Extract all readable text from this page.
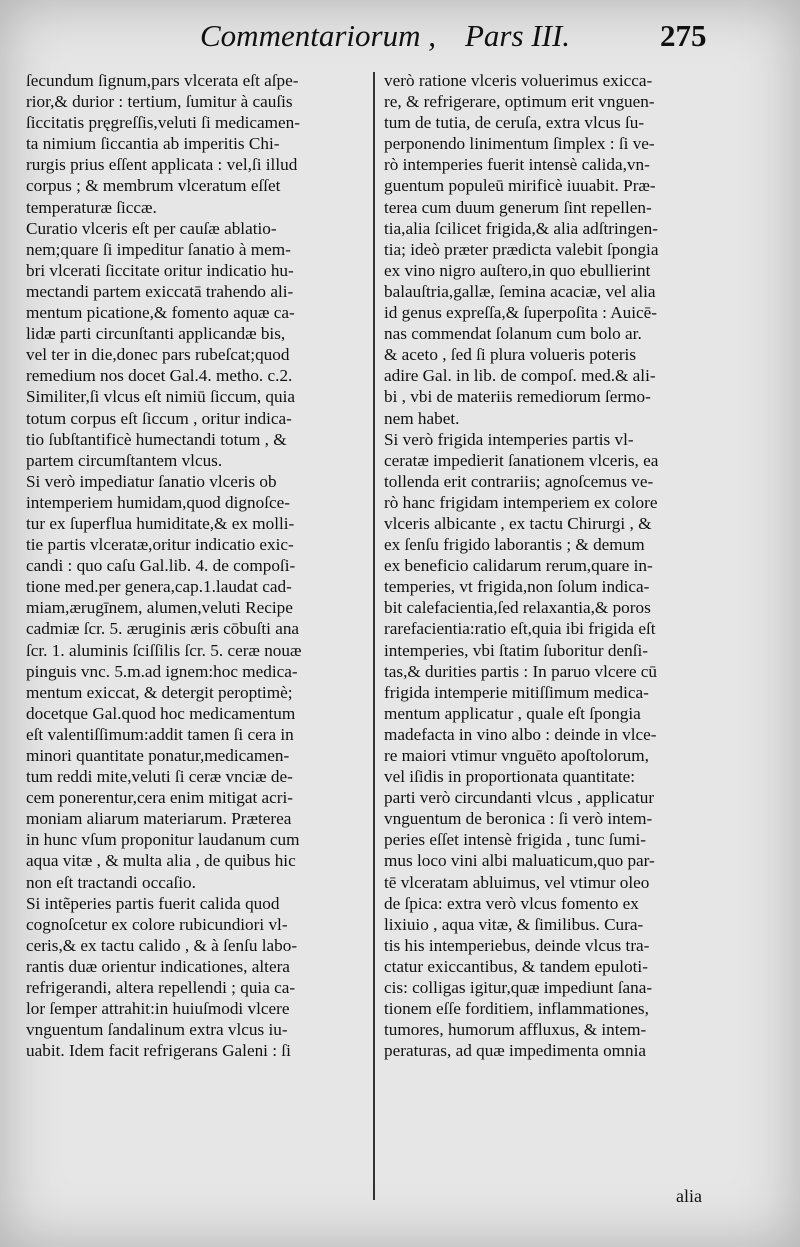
Commentariorum , Pars III.	275
ſecundum ſignum,pars vlcerata eſt aſpe-
rior,& durior : tertium, ſumitur à cauſis
ſiccitatis pręgreſſis,veluti ſi medicamen-
ta nimium ſiccantia ab imperitis Chi-
rurgis prius eſſent applicata : vel,ſi illud
corpus ; & membrum vlceratum eſſet
temperaturæ ſiccæ.
Curatio vlceris eſt per cauſæ ablatio-
nem;quare ſi impeditur ſanatio à mem-
bri vlcerati ſiccitate oritur indicatio hu-
mectandi partem exiccatā trahendo ali-
mentum picatione,& fomento aquæ ca-
lidæ parti circunſtanti applicandæ bis,
vel ter in die,donec pars rubeſcat;quod
remedium nos docet Gal.4. metho. c.2.
Similiter,ſi vlcus eſt nimiū ſiccum, quia
totum corpus eſt ſiccum , oritur indica-
tio ſubſtantificè humectandi totum , &
partem circumſtantem vlcus.
Si verò impediatur ſanatio vlceris ob
intemperiem humidam,quod dignoſce-
tur ex ſuperflua humiditate,& ex molli-
tie partis vlceratæ,oritur indicatio exic-
candi : quo caſu Gal.lib. 4. de compoſi-
tione med.per genera,cap.1.laudat cad-
miam,ærugīnem, alumen,veluti Recipe
cadmiæ ſcr. 5. æruginis æris cōbuſti ana
ſcr. 1. aluminis ſciſſilis ſcr. 5. ceræ nouæ
pinguis vnc. 5.m.ad ignem:hoc medica-
mentum exiccat, & detergit peroptimè;
docetque Gal.quod hoc medicamentum
eſt valentiſſimum:addit tamen ſi cera in
minori quantitate ponatur,medicamen-
tum reddi mite,veluti ſi ceræ vnciæ de-
cem ponerentur,cera enim mitigat acri-
moniam aliarum materiarum. Præterea
in hunc vſum proponitur laudanum cum
aqua vitæ , & multa alia , de quibus hic
non eſt tractandi occaſio.
Si intẽperies partis fuerit calida quod
cognoſcetur ex colore rubicundiori vl-
ceris,& ex tactu calido , & à ſenſu labo-
rantis duæ orientur indicationes, altera
refrigerandi, altera repellendi ; quia ca-
lor ſemper attrahit:in huiuſmodi vlcere
vnguentum ſandalinum extra vlcus iu-
uabit. Idem facit refrigerans Galeni : ſi
verò ratione vlceris voluerimus exicca-
re, & refrigerare, optimum erit vnguen-
tum de tutia, de ceruſa, extra vlcus ſu-
perponendo linimentum ſimplex : ſi ve-
rò intemperies fuerit intensè calida,vn-
guentum populeū mirificè iuuabit. Præ-
terea cum duum generum ſint repellen-
tia,alia ſcilicet frigida,& alia adſtringen-
tia; ideò præter prædicta valebit ſpongia
ex vino nigro auſtero,in quo ebullierint
balauſtria,gallæ, ſemina acaciæ, vel alia
id genus expreſſa,& ſuperpoſita : Auicē-
nas commendat ſolanum cum bolo ar.
& aceto , ſed ſi plura volueris poteris
adire Gal. in lib. de compoſ. med.& ali-
bi , vbi de materiis remediorum ſermo-
nem habet.
Si verò frigida intemperies partis vl-
ceratæ impedierit ſanationem vlceris, ea
tollenda erit contrariis; agnoſcemus ve-
rò hanc frigidam intemperiem ex colore
vlceris albicante , ex tactu Chirurgi , &
ex ſenſu frigido laborantis ; & demum
ex beneficio calidarum rerum,quare in-
temperies, vt frigida,non ſolum indica-
bit calefacientia,ſed relaxantia,& poros
rarefacientia:ratio eſt,quia ibi frigida eſt
intemperies, vbi ſtatim ſuboritur denſi-
tas,& durities partis : In paruo vlcere cū
frigida intemperie mitiſſimum medica-
mentum applicatur , quale eſt ſpongia
madefacta in vino albo : deinde in vlce-
re maiori vtimur vnguēto apoſtolorum,
vel iſidis in proportionata quantitate:
parti verò circundanti vlcus , applicatur
vnguentum de beronica : ſi verò intem-
peries eſſet intensè frigida , tunc ſumi-
mus loco vini albi maluaticum,quo par-
tē vlceratam abluimus, vel vtimur oleo
de ſpica: extra verò vlcus fomento ex
lixiuio , aqua vitæ, & ſimilibus. Cura-
tis his intemperiebus, deinde vlcus tra-
ctatur exiccantibus, & tandem epuloti-
cis: colligas igitur,quæ impediunt ſana-
tionem eſſe forditiem, inflammationes,
tumores, humorum affluxus, & intem-
peraturas, ad quæ impedimenta omnia
alia
